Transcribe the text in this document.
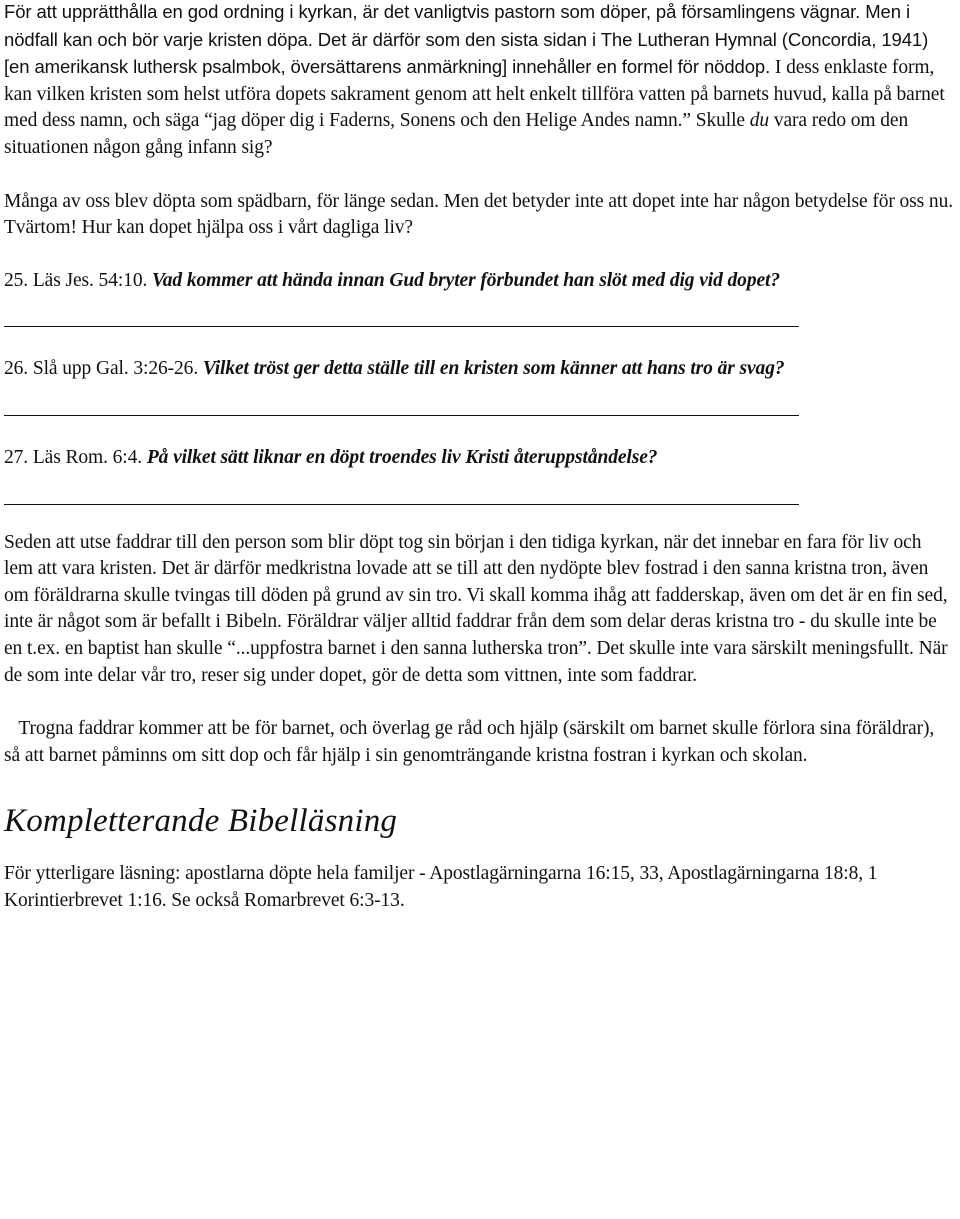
För att upprätthålla en god ordning i kyrkan, är det vanligtvis pastorn som döper, på församlingens vägnar. Men i nödfall kan och bör varje kristen döpa. Det är därför som den sista sidan i The Lutheran Hymnal (Concordia, 1941) [en amerikansk luthersk psalmbok, översättarens anmärkning] innehåller en formel för nöddop. I dess enklaste form, kan vilken kristen som helst utföra dopets sakrament genom att helt enkelt tillföra vatten på barnets huvud, kalla på barnet med dess namn, och säga “jag döper dig i Faderns, Sonens och den Helige Andes namn.” Skulle du vara redo om den situationen någon gång infann sig?

Många av oss blev döpta som spädbarn, för länge sedan. Men det betyder inte att dopet inte har någon betydelse för oss nu. Tvärtom! Hur kan dopet hjälpa oss i vårt dagliga liv?

25. Läs Jes. 54:10. Vad kommer att hända innan Gud bryter förbundet han slöt med dig vid dopet?

26. Slå upp Gal. 3:26-26. Vilket tröst ger detta ställe till en kristen som känner att hans tro är svag?

27. Läs Rom. 6:4. På vilket sätt liknar en döpt troendes liv Kristi återuppståndelse?

Seden att utse faddrar till den person som blir döpt tog sin början i den tidiga kyrkan, när det innebar en fara för liv och lem att vara kristen. Det är därför medkristna lovade att se till att den nydöpte blev fostrad i den sanna kristna tron, även om föräldrarna skulle tvingas till döden på grund av sin tro. Vi skall komma ihåg att fadderskap, även om det är en fin sed, inte är något som är befallt i Bibeln. Föräldrar väljer alltid faddrar från dem som delar deras kristna tro - du skulle inte be en t.ex. en baptist han skulle “...uppfostra barnet i den sanna lutherska tron”. Det skulle inte vara särskilt meningsfullt. När de som inte delar vår tro, reser sig under dopet, gör de detta som vittnen, inte som faddrar.

Trogna faddrar kommer att be för barnet, och överlag ge råd och hjälp (särskilt om barnet skulle förlora sina föräldrar), så att barnet påminns om sitt dop och får hjälp i sin genomträngande kristna fostran i kyrkan och skolan.

Kompletterande Bibelläsning

För ytterligare läsning: apostlarna döpte hela familjer - Apostlagärningarna 16:15, 33, Apostlagärningarna 18:8, 1 Korintierbrevet 1:16. Se också Romarbrevet 6:3-13.
